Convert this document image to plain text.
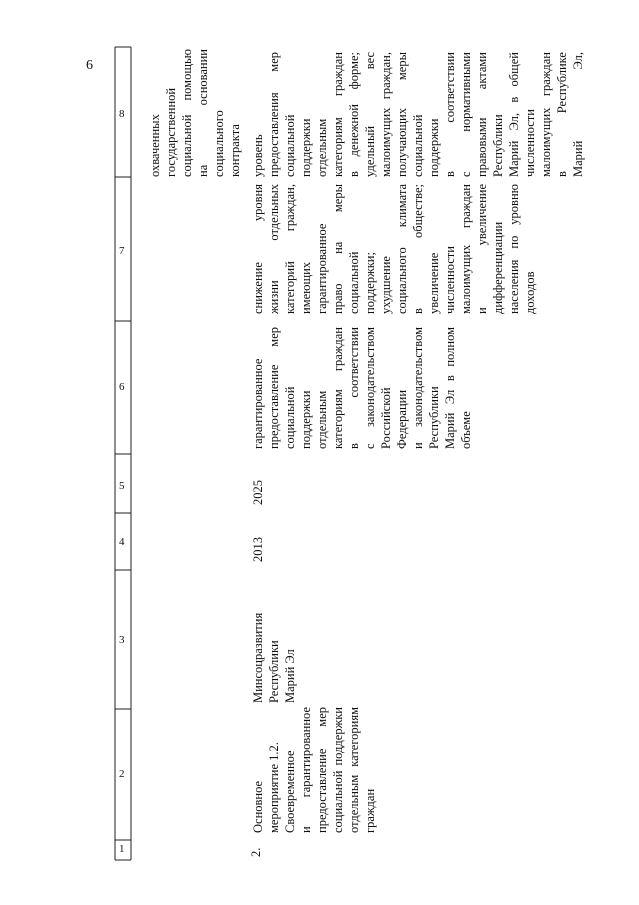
6
1
2
3
4
5
6
7
8
охваченных государственной социальной помощью на основании социального контракта
2.
Основное мероприятие 1.2. Своевременное и гарантированное предоставление мер социальной поддержки отдельным категориям граждан
Минсоцразвития Республики Марий Эл
2013
2025
гарантированное предоставление мер социальной поддержки отдельным категориям граждан в соответствии с законодательством Российской Федерации и законодательством Республики Марий Эл в полном объеме
снижение уровня жизни отдельных категорий граждан, имеющих гарантированное право на меры социальной поддержки; ухудшение социального климата в обществе; увеличение численности малоимущих граждан и увеличение дифференциации населения по уровню доходов
уровень предоставления мер социальной поддержки отдельным категориям граждан в денежной форме; удельный вес малоимущих граждан, получающих меры социальной поддержки в соответствии с нормативными правовыми актами Республики Марий Эл, в общей численности малоимущих граждан в Республике Марий Эл,
